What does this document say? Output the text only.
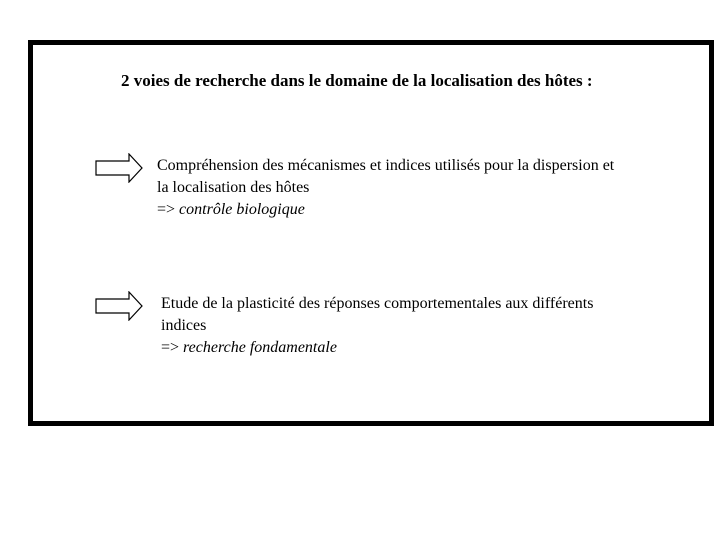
2 voies de recherche dans le domaine de la localisation des hôtes :
Compréhension des mécanismes et indices utilisés pour la dispersion et
la localisation des hôtes
=> contrôle biologique
Etude de la plasticité des réponses comportementales aux différents
indices
=> recherche fondamentale
